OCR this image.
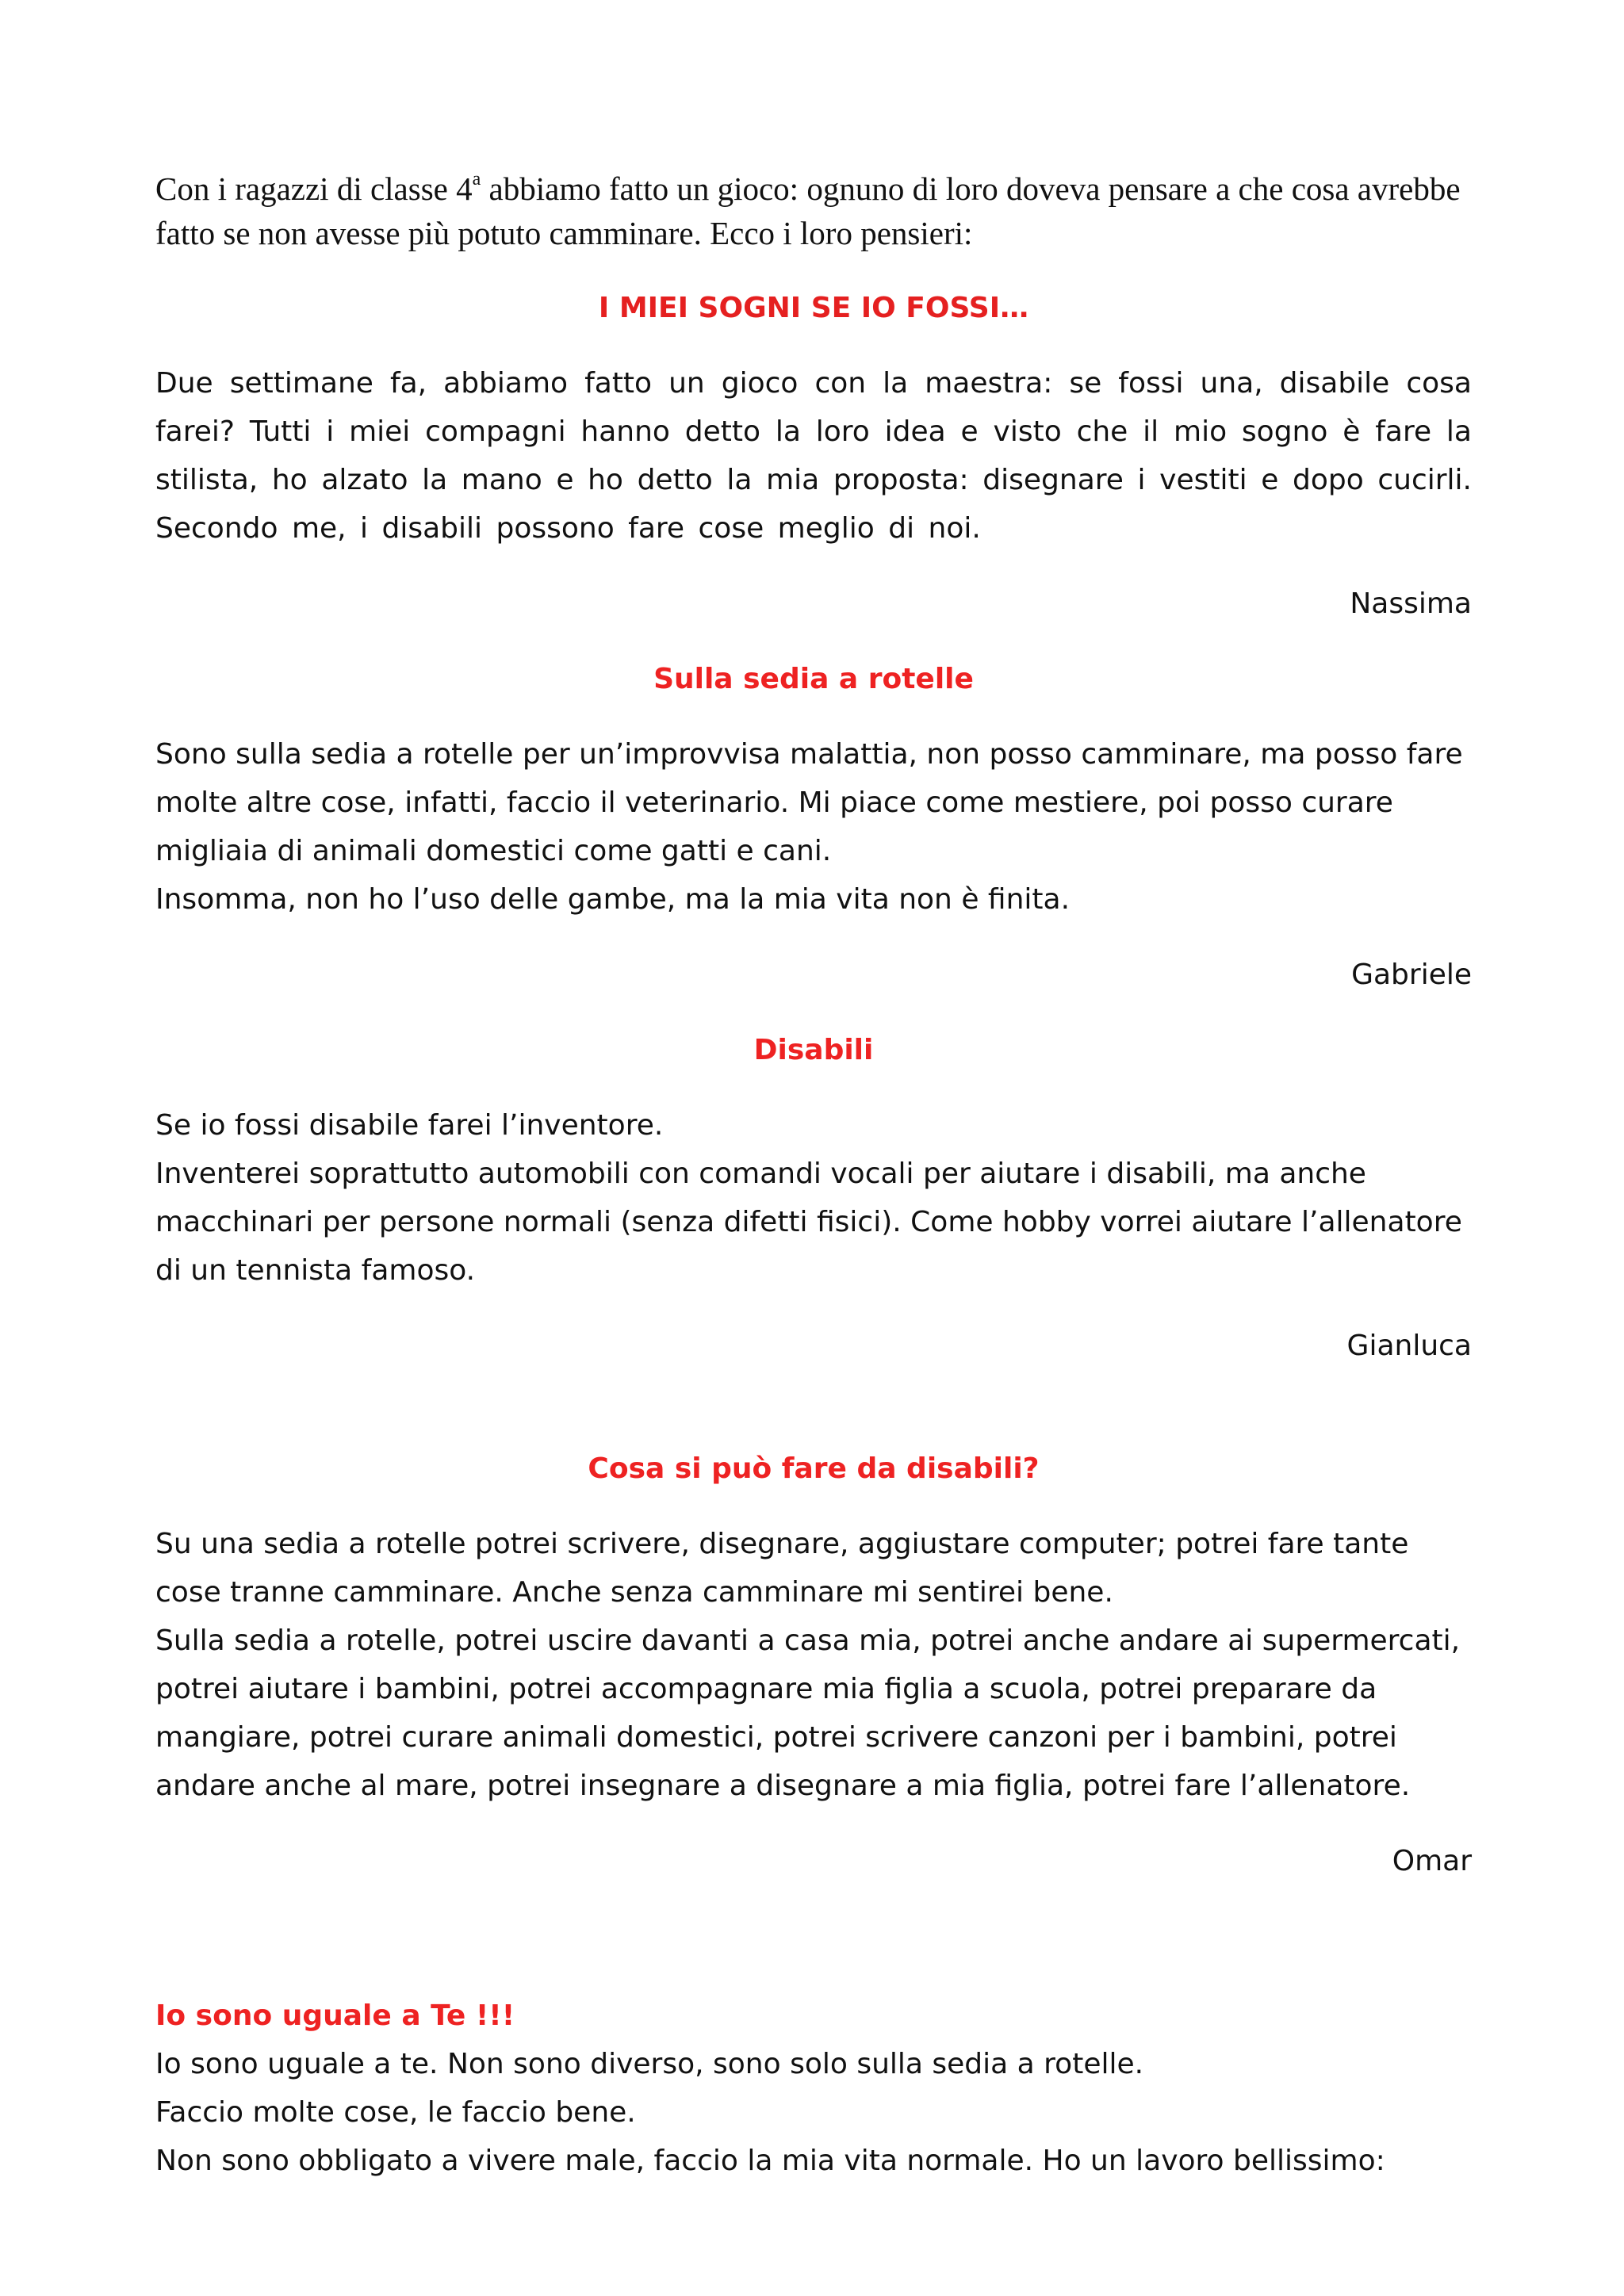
Con i ragazzi di classe 4$^a$ abbiamo fatto un gioco: ognuno di loro doveva pensare a che cosa avrebbe fatto se non avesse più potuto camminare. Ecco i loro pensieri:

I MIEI SOGNI SE IO FOSSI…

Due settimane fa, abbiamo fatto un gioco con la maestra: se fossi una, disabile cosa farei? Tutti i miei compagni hanno detto la loro idea e visto che il mio sogno è fare la stilista, ho alzato la mano e ho detto la mia proposta: disegnare i vestiti e dopo cucirli. Secondo me, i disabili possono fare cose meglio di noi.

Nassima
Sulla sedia a rotelle

Sono sulla sedia a rotelle per un’improvvisa malattia, non posso camminare, ma posso fare
molte altre cose, infatti, faccio il veterinario. Mi piace come mestiere, poi posso curare
migliaia di animali domestici come gatti e cani.
Insomma, non ho l’uso delle gambe, ma la mia vita non è finita.

Gabriele
Disabili

Se io fossi disabile farei l’inventore.
Inventerei soprattutto automobili con comandi vocali per aiutare i disabili, ma anche
macchinari per persone normali (senza difetti fisici). Come hobby vorrei aiutare l’allenatore
di un tennista famoso.

Gianluca
Cosa si può fare da disabili?

Su una sedia a rotelle potrei scrivere, disegnare, aggiustare computer; potrei fare tante
cose tranne camminare. Anche senza camminare mi sentirei bene.
Sulla sedia a rotelle, potrei uscire davanti a casa mia, potrei anche andare ai supermercati,
potrei aiutare i bambini, potrei accompagnare mia figlia a scuola, potrei preparare da
mangiare, potrei curare animali domestici, potrei scrivere canzoni per i bambini, potrei
andare anche al mare, potrei insegnare a disegnare a mia figlia, potrei fare l’allenatore.

Omar
Io sono uguale a Te !!!

Io sono uguale a te. Non sono diverso, sono solo sulla sedia a rotelle.
Faccio molte cose, le faccio bene.
Non sono obbligato a vivere male, faccio la mia vita normale. Ho un lavoro bellissimo:
